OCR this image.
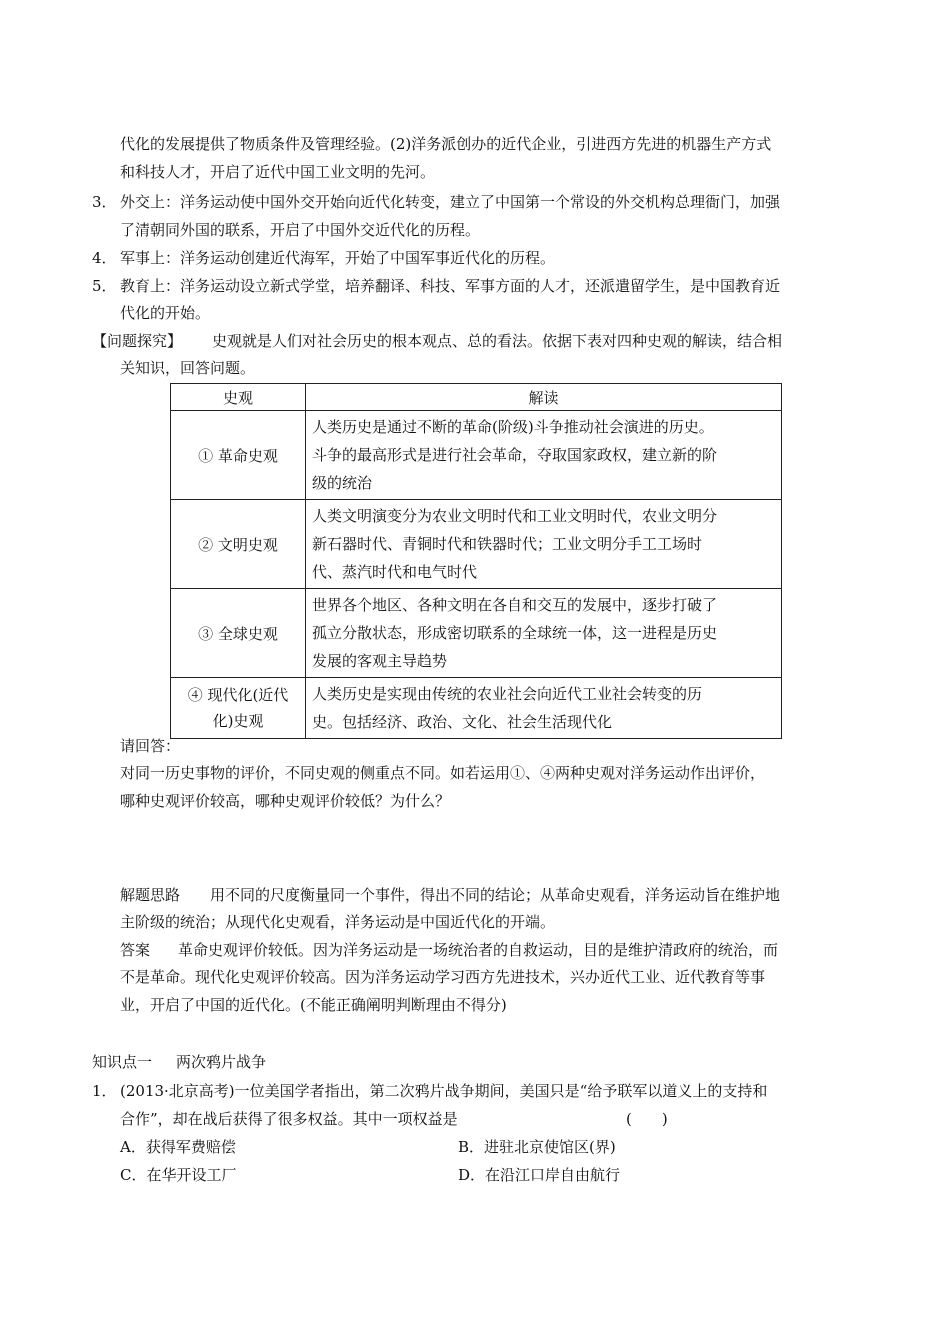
代化的发展提供了物质条件及管理经验。(2)洋务派创办的近代企业，引进西方先进的机器生产方式
和科技人才，开启了近代中国工业文明的先河。
3． 外交上：洋务运动使中国外交开始向近代化转变，建立了中国第一个常设的外交机构总理衙门，加强
了清朝同外国的联系，开启了中国外交近代化的历程。
4． 军事上：洋务运动创建近代海军，开始了中国军事近代化的历程。
5． 教育上：洋务运动设立新式学堂，培养翻译、科技、军事方面的人才，还派遣留学生，是中国教育近
代化的开始。
【问题探究】 史观就是人们对社会历史的根本观点、总的看法。依据下表对四种史观的解读，结合相
关知识，回答问题。
史观	解读

① 革命史观	人类历史是通过不断的革命(阶级)斗争推动社会演进的历史。
斗争的最高形式是进行社会革命，夺取国家政权，建立新的阶
级的统治

② 文明史观	人类文明演变分为农业文明时代和工业文明时代，农业文明分
新石器时代、青铜时代和铁器时代；工业文明分手工工场时
代、蒸汽时代和电气时代

③ 全球史观	世界各个地区、各种文明在各自和交互的发展中，逐步打破了
孤立分散状态，形成密切联系的全球统一体，这一进程是历史
发展的客观主导趋势

④ 现代化(近代
化)史观	人类历史是实现由传统的农业社会向近代工业社会转变的历
史。包括经济、政治、文化、社会生活现代化
请回答：
对同一历史事物的评价，不同史观的侧重点不同。如若运用①、④两种史观对洋务运动作出评价，
哪种史观评价较高，哪种史观评价较低？为什么？
解题思路 用不同的尺度衡量同一个事件，得出不同的结论；从革命史观看，洋务运动旨在维护地
主阶级的统治；从现代化史观看，洋务运动是中国近代化的开端。
答案 革命史观评价较低。因为洋务运动是一场统治者的自救运动，目的是维护清政府的统治，而
不是革命。现代化史观评价较高。因为洋务运动学习西方先进技术，兴办近代工业、近代教育等事
业，开启了中国的近代化。(不能正确阐明判断理由不得分)
知识点一 两次鸦片战争
1． (2013·北京高考)一位美国学者指出，第二次鸦片战争期间，美国只是“给予联军以道义上的支持和
合作”，却在战后获得了很多权益。其中一项权益是	(　　)
A．获得军费赔偿	B．进驻北京使馆区(界)
C．在华开设工厂	D．在沿江口岸自由航行
